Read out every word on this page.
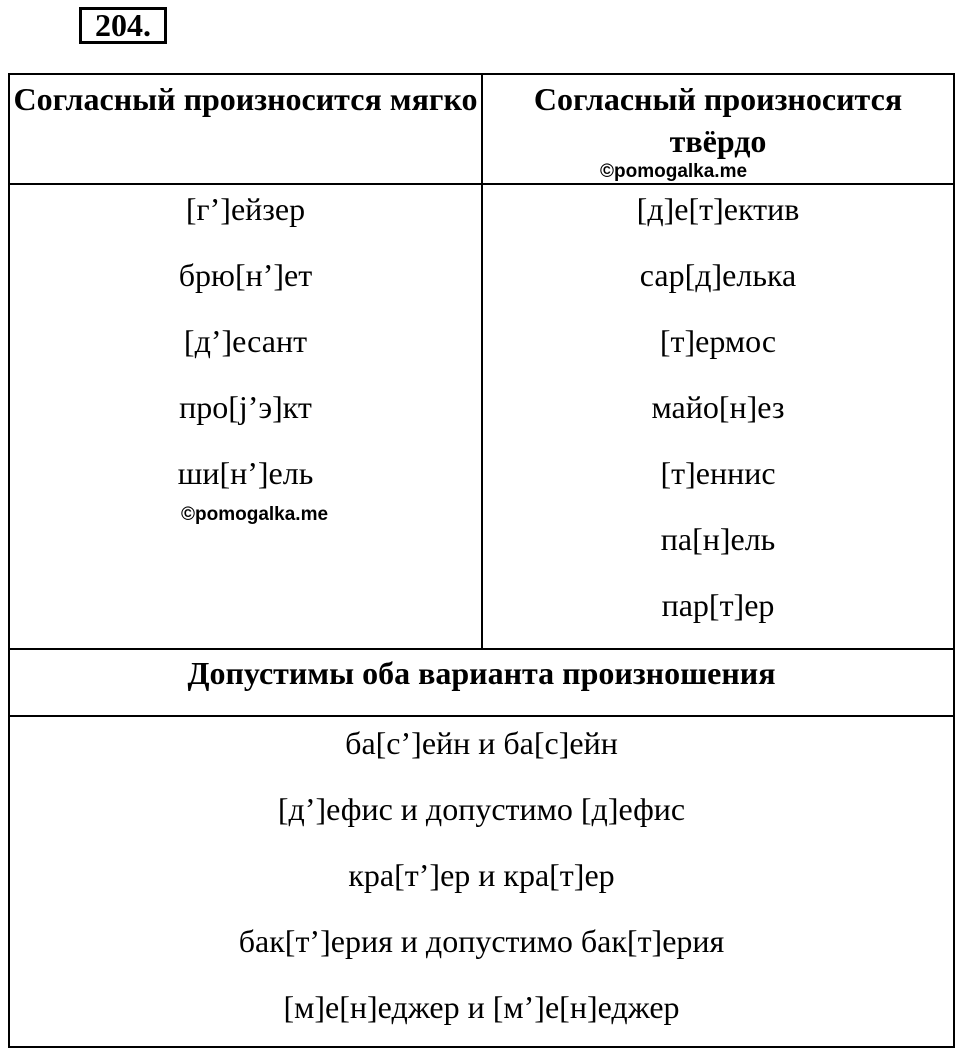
204.
Согласный произносится мягко
[г’]ейзер
брю[н’]ет
[д’]есант
про[j’э]кт
ши[н’]ель
©pomogalka.me
Согласный произносится твёрдо
©pomogalka.me
[д]е[т]ектив
сар[д]елька
[т]ермос
майо[н]ез
[т]еннис
па[н]ель
пар[т]ер
Допустимы оба варианта произношения
ба[с’]ейн и ба[с]ейн
[д’]ефис и допустимо [д]ефис
кра[т’]ер и кра[т]ер
бак[т’]ерия и допустимо бак[т]ерия
[м]е[н]еджер и [м’]е[н]еджер
